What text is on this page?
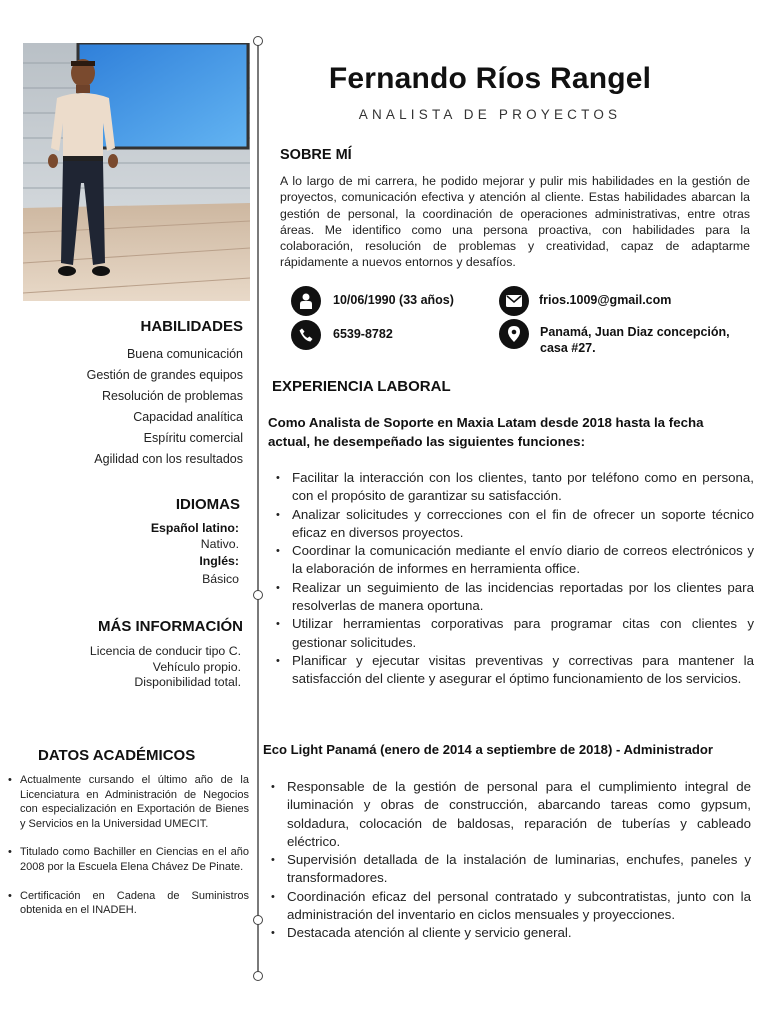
Fernando Ríos Rangel
ANALISTA DE PROYECTOS
SOBRE MÍ
A lo largo de mi carrera, he podido mejorar y pulir mis habilidades en la gestión de proyectos, comunicación efectiva y atención al cliente. Estas habilidades abarcan la gestión de personal, la coordinación de operaciones administrativas, entre otras áreas. Me identifico como una persona proactiva, con habilidades para la colaboración, resolución de problemas y creatividad, capaz de adaptarme rápidamente a nuevos entornos y desafíos.
10/06/1990 (33 años)	frios.1009@gmail.com
6539-8782	Panamá, Juan Diaz concepción, casa #27.
HABILIDADES
Buena comunicación
Gestión de grandes equipos
Resolución de problemas
Capacidad analítica
Espíritu comercial
Agilidad con los resultados
IDIOMAS
Español latino:
Nativo.
Inglés:
Básico
MÁS INFORMACIÓN
Licencia de conducir tipo C.
Vehículo propio.
Disponibilidad total.
DATOS ACADÉMICOS
• Actualmente cursando el último año de la Licenciatura en Administración de Negocios con especialización en Exportación de Bienes y Servicios en la Universidad UMECIT.
• Titulado como Bachiller en Ciencias en el año 2008 por la Escuela Elena Chávez De Pinate.
• Certificación en Cadena de Suministros obtenida en el INADEH.
EXPERIENCIA LABORAL
Como Analista de Soporte en Maxia Latam desde 2018 hasta la fecha actual, he desempeñado las siguientes funciones:
• Facilitar la interacción con los clientes, tanto por teléfono como en persona, con el propósito de garantizar su satisfacción.
• Analizar solicitudes y correcciones con el fin de ofrecer un soporte técnico eficaz en diversos proyectos.
• Coordinar la comunicación mediante el envío diario de correos electrónicos y la elaboración de informes en herramienta office.
• Realizar un seguimiento de las incidencias reportadas por los clientes para resolverlas de manera oportuna.
• Utilizar herramientas corporativas para programar citas con clientes y gestionar solicitudes.
• Planificar y ejecutar visitas preventivas y correctivas para mantener la satisfacción del cliente y asegurar el óptimo funcionamiento de los servicios.
Eco Light Panamá (enero de 2014 a septiembre de 2018) - Administrador
• Responsable de la gestión de personal para el cumplimiento integral de iluminación y obras de construcción, abarcando tareas como gypsum, soldadura, colocación de baldosas, reparación de tuberías y cableado eléctrico.
• Supervisión detallada de la instalación de luminarias, enchufes, paneles y transformadores.
• Coordinación eficaz del personal contratado y subcontratistas, junto con la administración del inventario en ciclos mensuales y proyecciones.
• Destacada atención al cliente y servicio general.
